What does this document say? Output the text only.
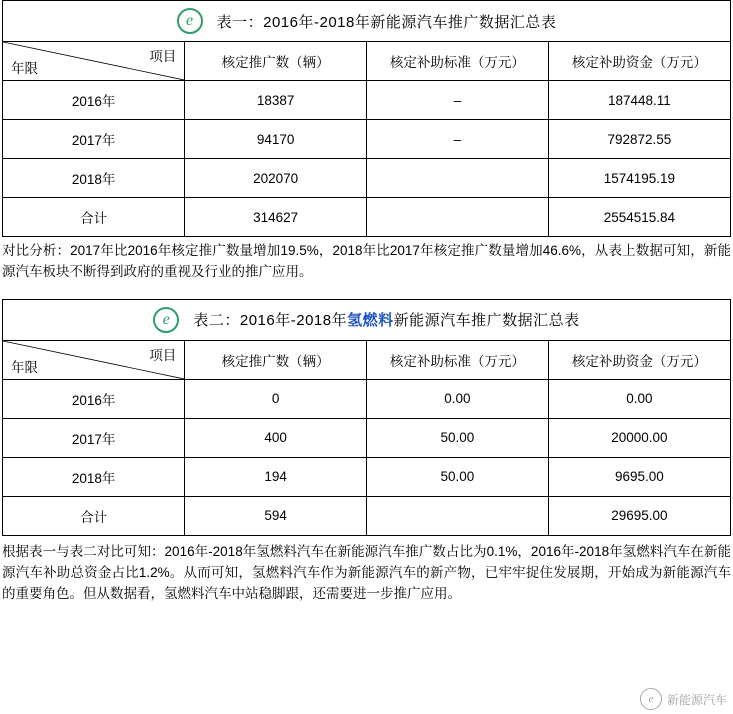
e 表一：2016年-2018年新能源汽车推广数据汇总表
项目
年限	核定推广数（辆）	核定补助标准（万元）	核定补助资金（万元）
2016年	18387	–	187448.11
2017年	94170	–	792872.55
2018年	202070		1574195.19
合计	314627		2554515.84
对比分析：2017年比2016年核定推广数量增加19.5%，2018年比2017年核定推广数量增加46.6%，从表上数据可知，新能源汽车板块不断得到政府的重视及行业的推广应用。
e 表二：2016年-2018年氢燃料新能源汽车推广数据汇总表
项目
年限	核定推广数（辆）	核定补助标准（万元）	核定补助资金（万元）
2016年	0	0.00	0.00
2017年	400	50.00	20000.00
2018年	194	50.00	9695.00
合计	594		29695.00
根据表一与表二对比可知：2016年-2018年氢燃料汽车在新能源汽车推广数占比为0.1%，2016年-2018年氢燃料汽车在新能源汽车补助总资金占比1.2%。从而可知，氢燃料汽车作为新能源汽车的新产物，已牢牢捉住发展期，开始成为新能源汽车的重要角色。但从数据看，氢燃料汽车中站稳脚跟，还需要进一步推广应用。
e 新能源汽车
